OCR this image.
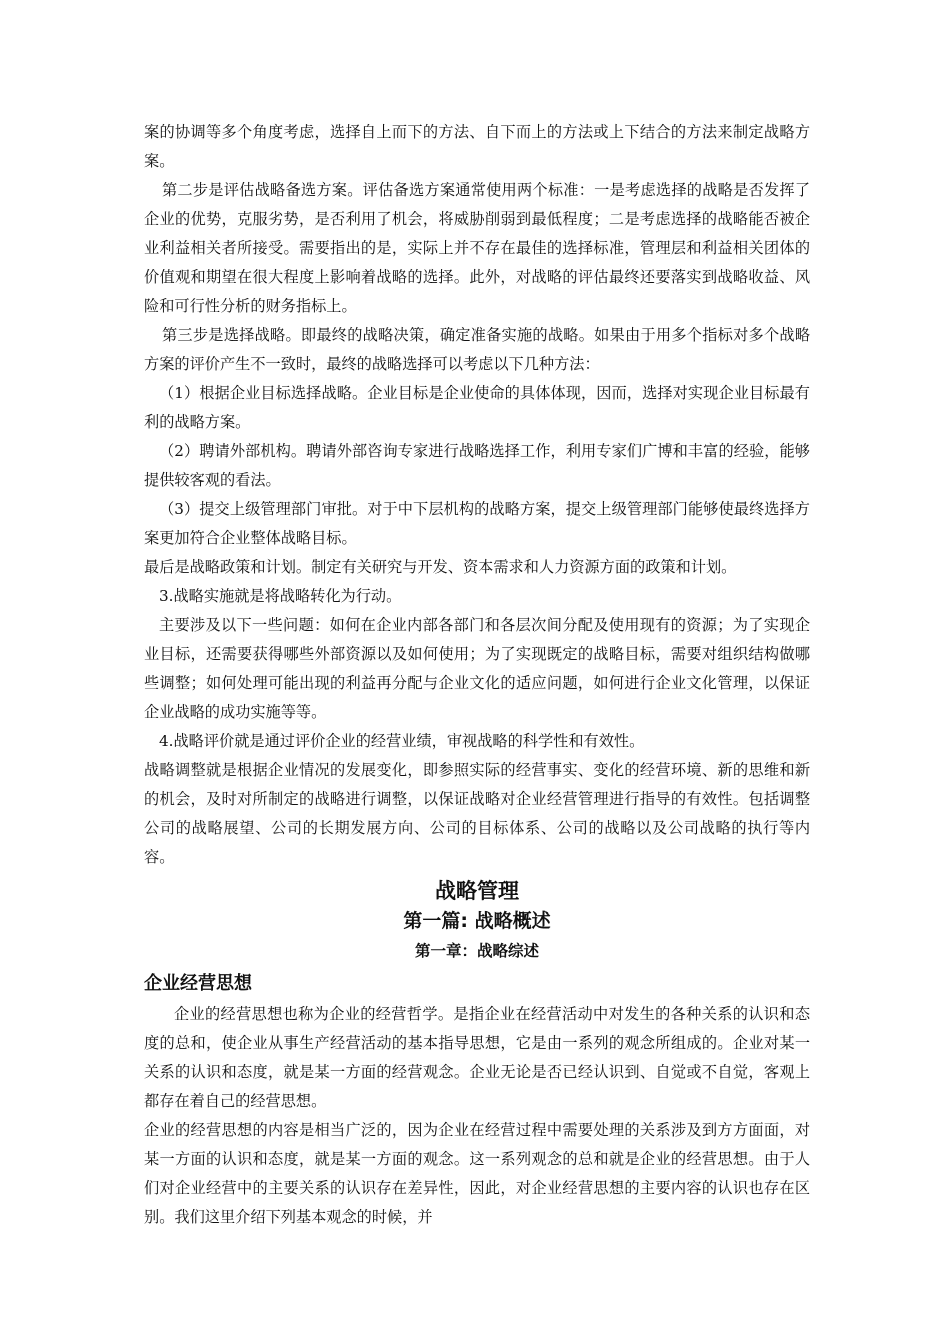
案的协调等多个角度考虑，选择自上而下的方法、自下而上的方法或上下结合的方法来制定战略方案。

第二步是评估战略备选方案。评估备选方案通常使用两个标准：一是考虑选择的战略是否发挥了企业的优势，克服劣势，是否利用了机会，将威胁削弱到最低程度；二是考虑选择的战略能否被企业利益相关者所接受。需要指出的是，实际上并不存在最佳的选择标准，管理层和利益相关团体的价值观和期望在很大程度上影响着战略的选择。此外，对战略的评估最终还要落实到战略收益、风险和可行性分析的财务指标上。

第三步是选择战略。即最终的战略决策，确定准备实施的战略。如果由于用多个指标对多个战略方案的评价产生不一致时，最终的战略选择可以考虑以下几种方法：

（1）根据企业目标选择战略。企业目标是企业使命的具体体现，因而，选择对实现企业目标最有利的战略方案。

（2）聘请外部机构。聘请外部咨询专家进行战略选择工作，利用专家们广博和丰富的经验，能够提供较客观的看法。

（3）提交上级管理部门审批。对于中下层机构的战略方案，提交上级管理部门能够使最终选择方案更加符合企业整体战略目标。

最后是战略政策和计划。制定有关研究与开发、资本需求和人力资源方面的政策和计划。

3.战略实施就是将战略转化为行动。

主要涉及以下一些问题：如何在企业内部各部门和各层次间分配及使用现有的资源；为了实现企业目标，还需要获得哪些外部资源以及如何使用；为了实现既定的战略目标，需要对组织结构做哪些调整；如何处理可能出现的利益再分配与企业文化的适应问题，如何进行企业文化管理，以保证企业战略的成功实施等等。

4.战略评价就是通过评价企业的经营业绩，审视战略的科学性和有效性。

战略调整就是根据企业情况的发展变化，即参照实际的经营事实、变化的经营环境、新的思维和新的机会，及时对所制定的战略进行调整，以保证战略对企业经营管理进行指导的有效性。包括调整公司的战略展望、公司的长期发展方向、公司的目标体系、公司的战略以及公司战略的执行等内容。

战略管理
第一篇: 战略概述
第一章：战略综述
企业经营思想

企业的经营思想也称为企业的经营哲学。是指企业在经营活动中对发生的各种关系的认识和态度的总和，使企业从事生产经营活动的基本指导思想，它是由一系列的观念所组成的。企业对某一关系的认识和态度，就是某一方面的经营观念。企业无论是否已经认识到、自觉或不自觉，客观上都存在着自己的经营思想。

企业的经营思想的内容是相当广泛的，因为企业在经营过程中需要处理的关系涉及到方方面面，对某一方面的认识和态度，就是某一方面的观念。这一系列观念的总和就是企业的经营思想。由于人们对企业经营中的主要关系的认识存在差异性，因此，对企业经营思想的主要内容的认识也存在区别。我们这里介绍下列基本观念的时候，并
